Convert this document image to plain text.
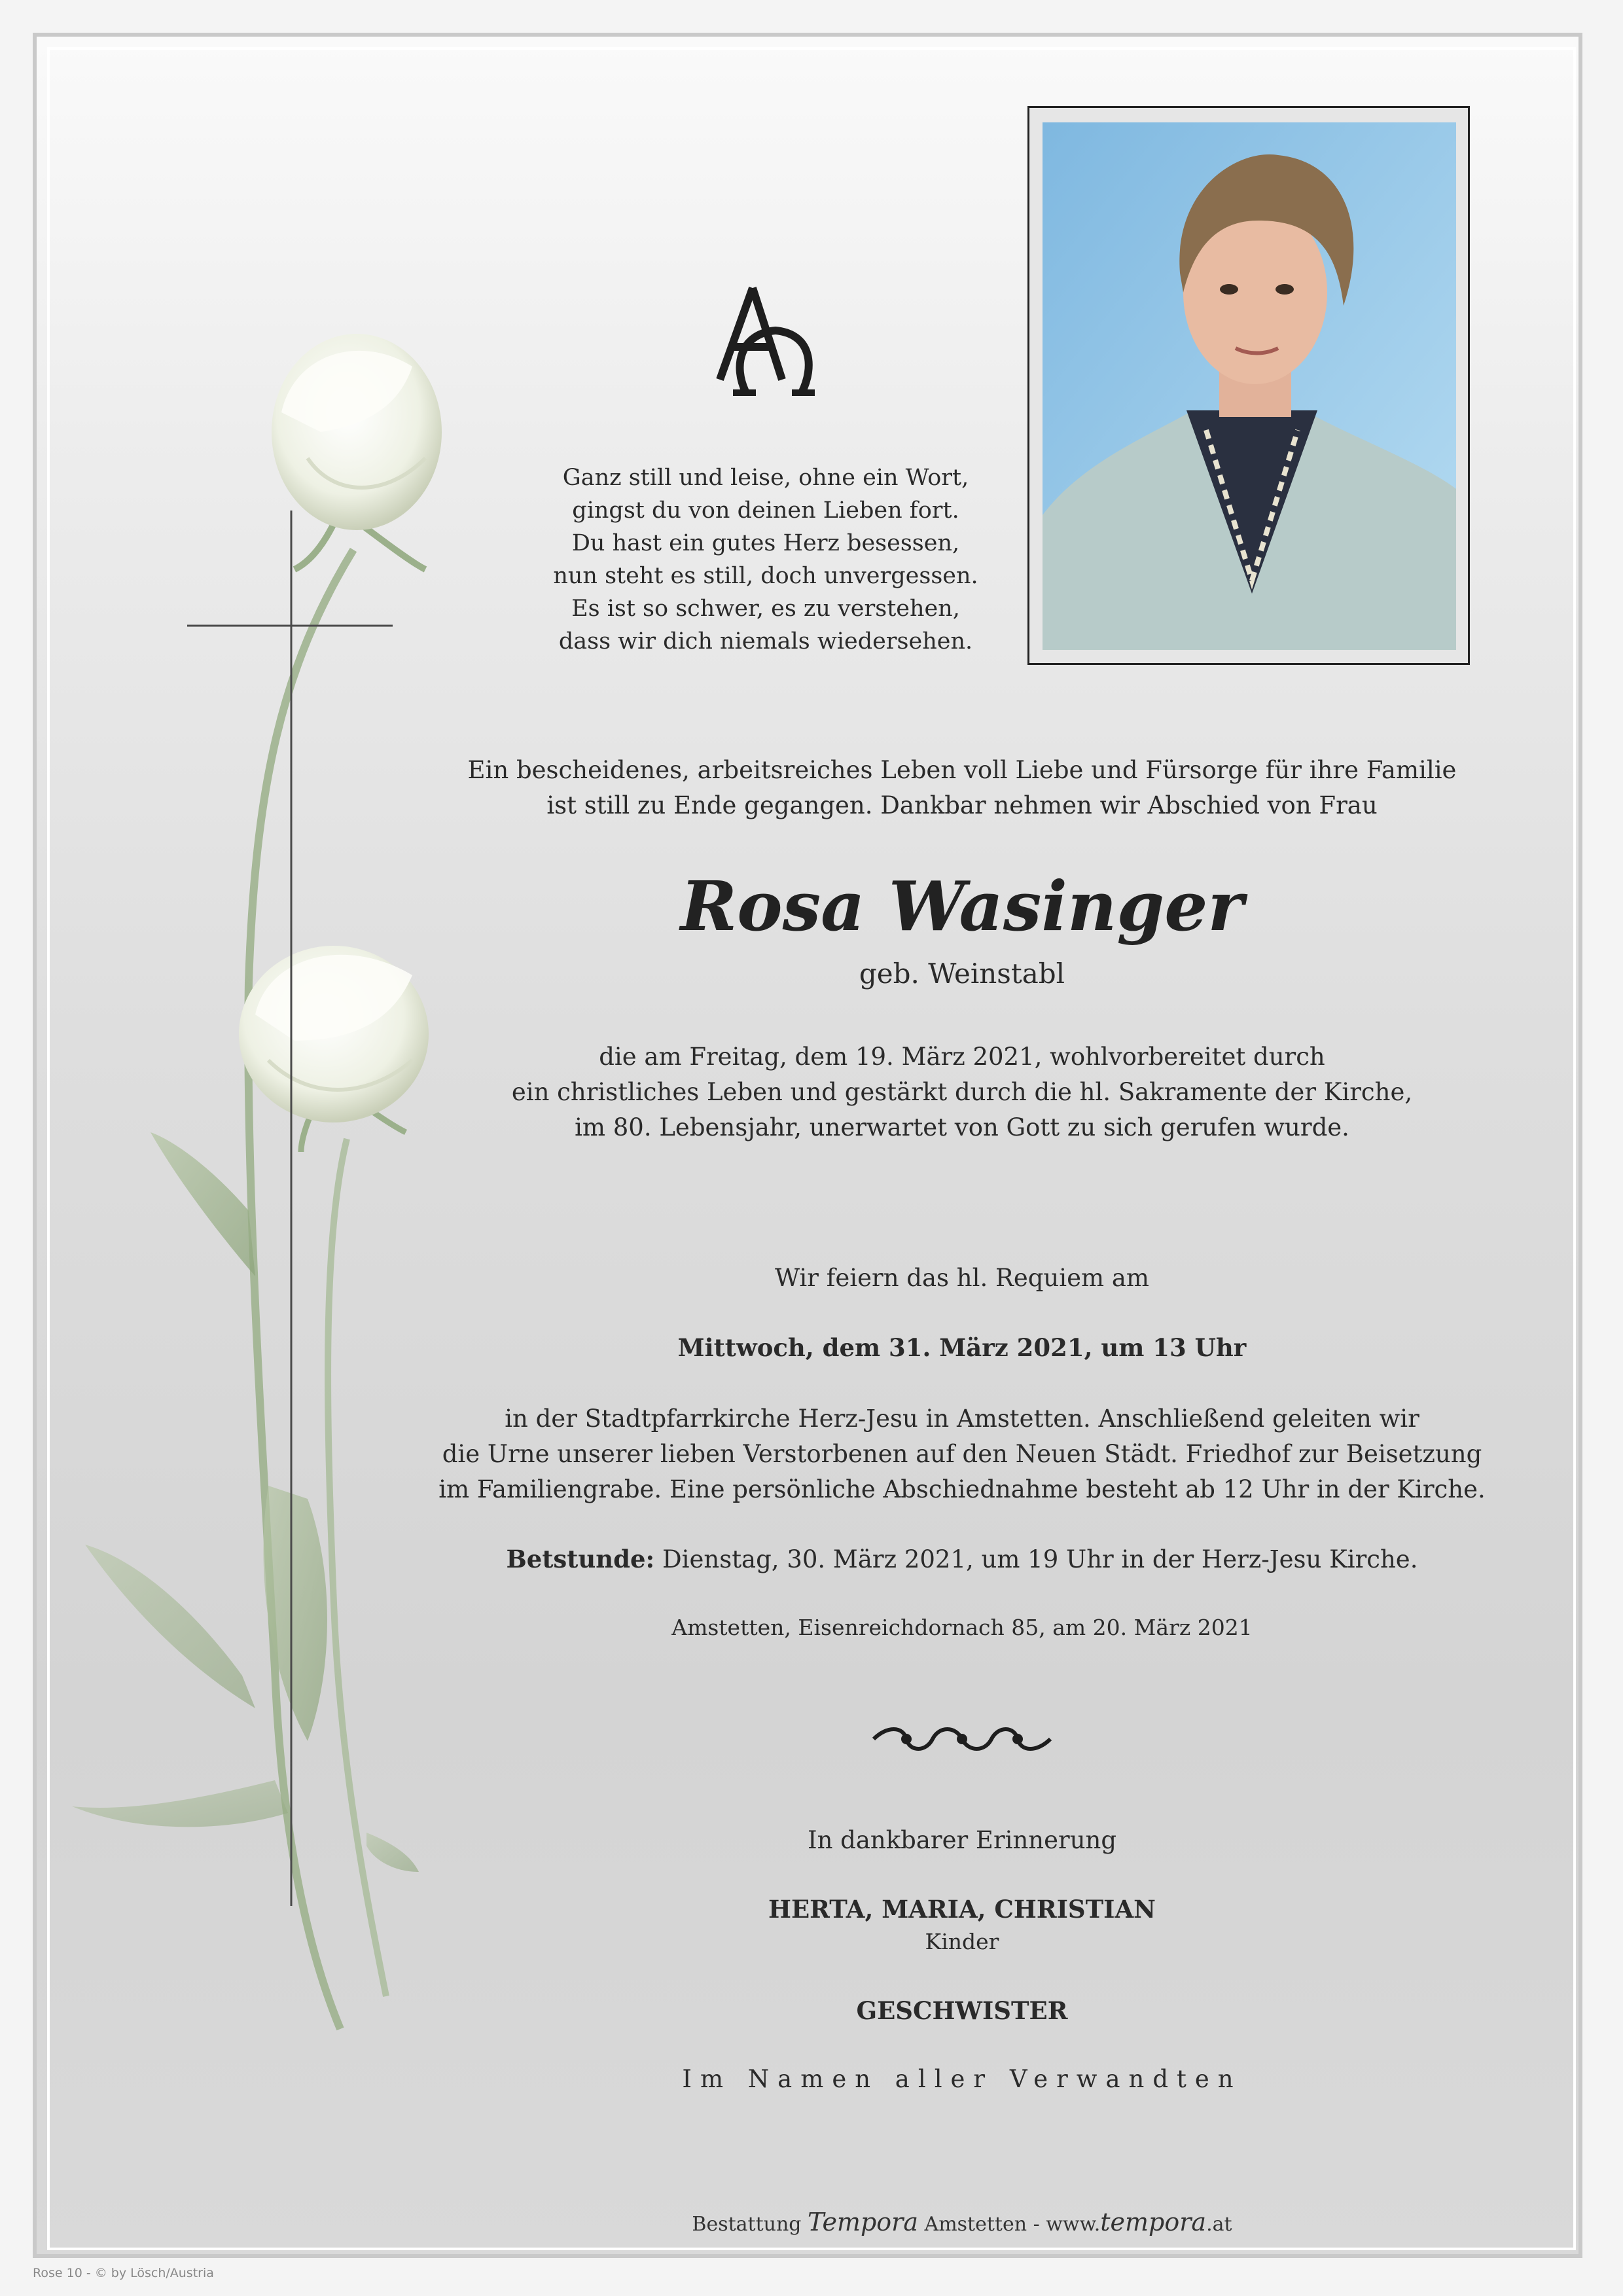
Ganz still und leise, ohne ein Wort,
gingst du von deinen Lieben fort.
Du hast ein gutes Herz besessen,
nun steht es still, doch unvergessen.
Es ist so schwer, es zu verstehen,
dass wir dich niemals wiedersehen.
Ein bescheidenes, arbeitsreiches Leben voll Liebe und Fürsorge für ihre Familie
ist still zu Ende gegangen. Dankbar nehmen wir Abschied von Frau
Rosa Wasinger
geb. Weinstabl
die am Freitag, dem 19. März 2021, wohlvorbereitet durch
ein christliches Leben und gestärkt durch die hl. Sakramente der Kirche,
im 80. Lebensjahr, unerwartet von Gott zu sich gerufen wurde.
Wir feiern das hl. Requiem am
Mittwoch, dem 31. März 2021, um 13 Uhr
in der Stadtpfarrkirche Herz-Jesu in Amstetten. Anschließend geleiten wir
die Urne unserer lieben Verstorbenen auf den Neuen Städt. Friedhof zur Beisetzung
im Familiengrabe. Eine persönliche Abschiednahme besteht ab 12 Uhr in der Kirche.
Betstunde: Dienstag, 30. März 2021, um 19 Uhr in der Herz-Jesu Kirche.
Amstetten, Eisenreichdornach 85, am 20. März 2021
In dankbarer Erinnerung
HERTA, MARIA, CHRISTIAN
Kinder
GESCHWISTER
Im Namen aller Verwandten
Bestattung Tempora Amstetten - www.tempora.at
Rose 10 - © by Lösch/Austria
